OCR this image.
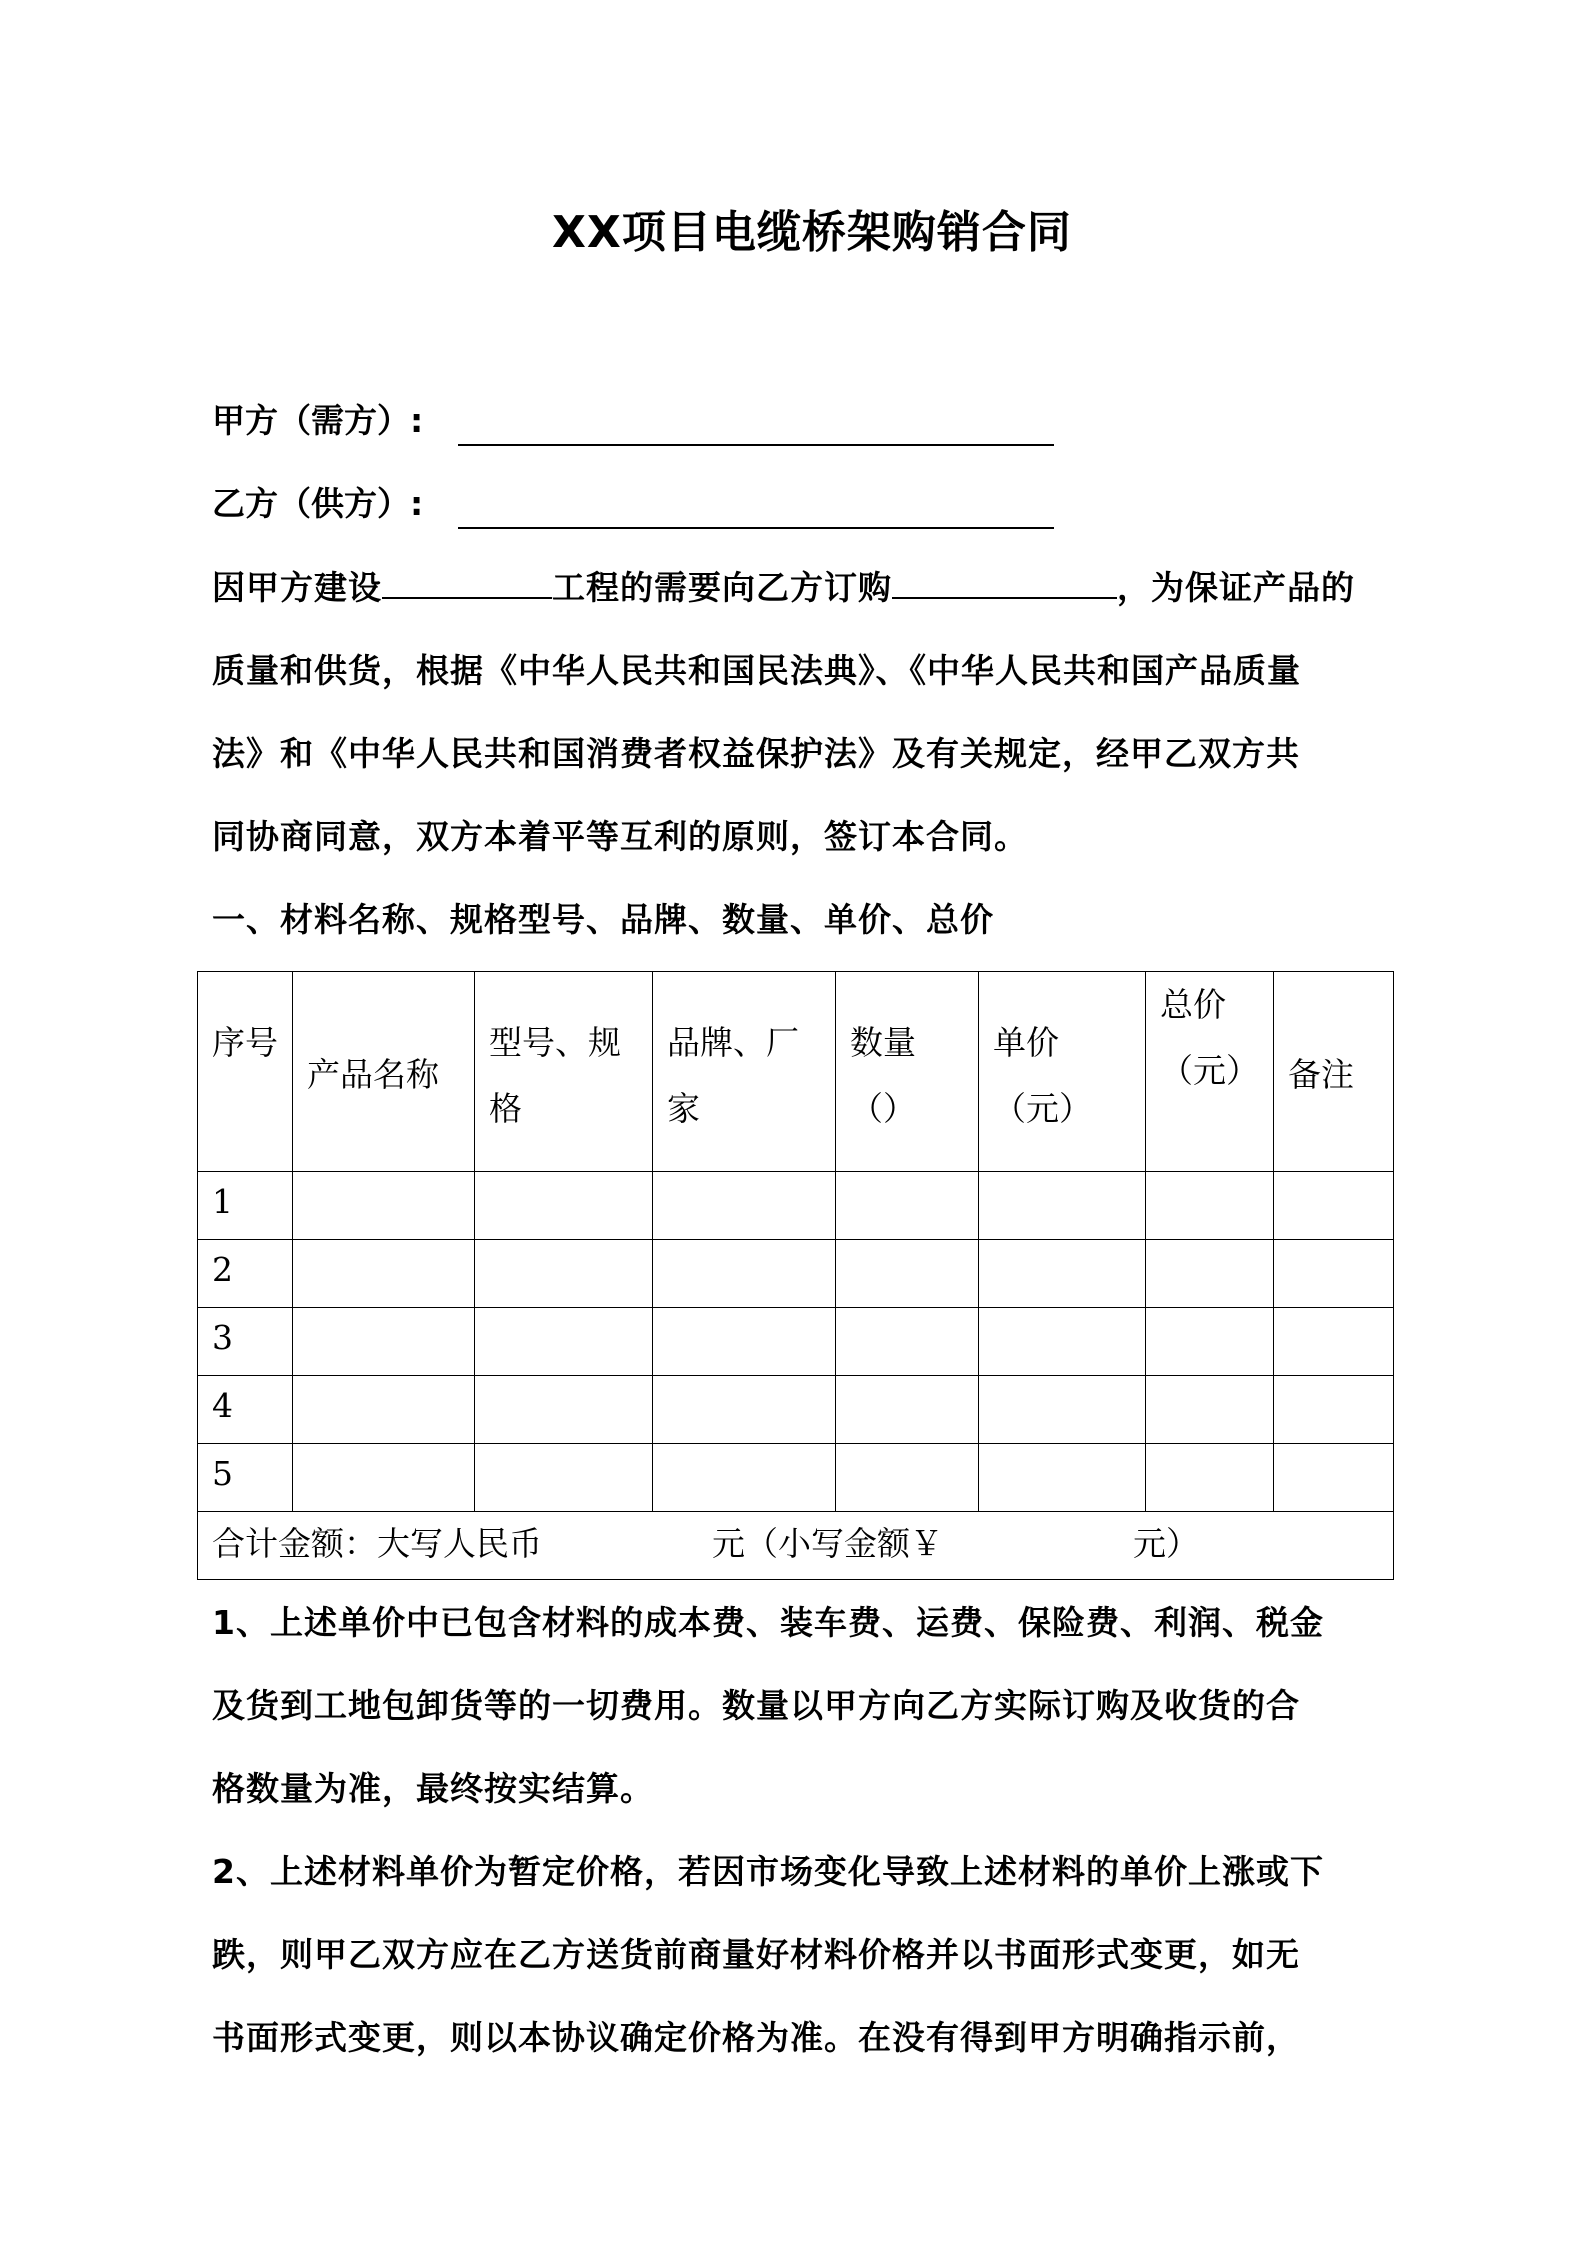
XX项目电缆桥架购销合同
甲方（需方）:
乙方（供方）:
因甲方建设	工程的需要向乙方订购	，为保证产品的
质量和供货，根据《中华人民共和国民法典》、《中华人民共和国产品质量
法》和《中华人民共和国消费者权益保护法》及有关规定，经甲乙双方共
同协商同意，双方本着平等互利的原则，签订本合同。
一、材料名称、规格型号、品牌、数量、单价、总价
序号	产品名称	型号、规格	品牌、厂家	数量（）	单价（元）	总价（元）	备注
1							
2							
3							
4							
5							
合计金额：大写人民币 元（小写金额￥ 元）							
1、上述单价中已包含材料的成本费、装车费、运费、保险费、利润、税金
及货到工地包卸货等的一切费用。数量以甲方向乙方实际订购及收货的合
格数量为准，最终按实结算。
2、上述材料单价为暂定价格，若因市场变化导致上述材料的单价上涨或下
跌，则甲乙双方应在乙方送货前商量好材料价格并以书面形式变更，如无
书面形式变更，则以本协议确定价格为准。在没有得到甲方明确指示前，
